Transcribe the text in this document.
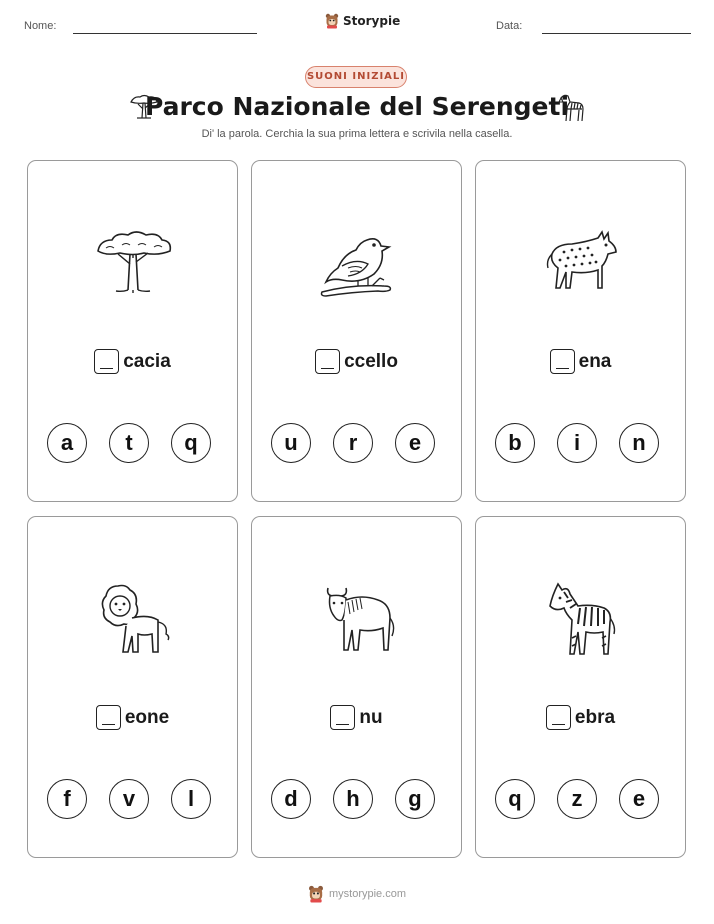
Nome:	Storypie	Data:
SUONI INIZIALI
Parco Nazionale del Serengeti
Di' la parola. Cerchia la sua prima lettera e scrivila nella casella.
cacia
a	t	q
ccello
u	r	e
ena
b	i	n
eone
f	v	l
nu
d	h	g
ebra
q	z	e
mystorypie.com
